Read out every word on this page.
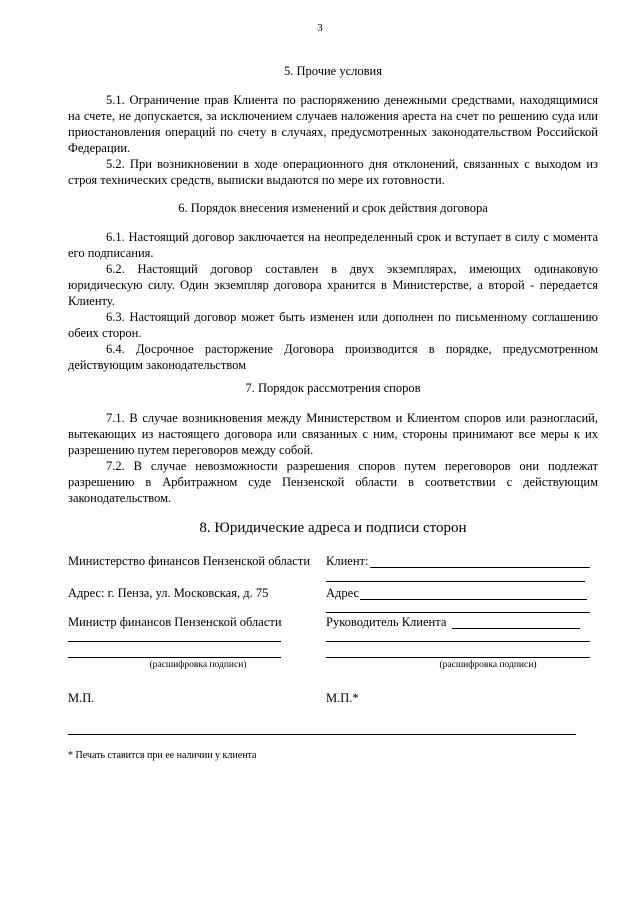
3
5. Прочие условия

5.1. Ограничение прав Клиента по распоряжению денежными средствами, находящимися на счете, не допускается, за исключением случаев наложения ареста на счет по решению суда или приостановления операций по счету в случаях, предусмотренных законодательством Российской Федерации.

5.2. При возникновении в ходе операционного дня отклонений, связанных с выходом из строя технических средств, выписки выдаются по мере их готовности.

6. Порядок внесения изменений и срок действия договора

6.1. Настоящий договор заключается на неопределенный срок и вступает в силу с момента его подписания.

6.2. Настоящий договор составлен в двух экземплярах, имеющих одинаковую юридическую силу. Один экземпляр договора хранится в Министерстве, а второй - передается Клиенту.

6.3. Настоящий договор может быть изменен или дополнен по письменному соглашению обеих сторон.

6.4. Досрочное расторжение Договора производится в порядке, предусмотренном действующим законодательством

7. Порядок рассмотрения споров

7.1. В случае возникновения между Министерством и Клиентом споров или разногласий, вытекающих из настоящего договора или связанных с ним, стороны принимают все меры к их разрешению путем переговоров между собой.

7.2. В случае невозможности разрешения споров путем переговоров они подлежат разрешению в Арбитражном суде Пензенской области в соответствии с действующим законодательством.

8. Юридические адреса и подписи сторон
Министерство финансов Пензенской области
Адрес: г. Пенза, ул. Московская, д. 75
Министр финансов Пензенской области
(расшифровка подписи)
М.П.
Клиент:
Адрес
Руководитель Клиента
(расшифровка подписи)
М.П.*
* Печать ставится при ее наличии у клиента
